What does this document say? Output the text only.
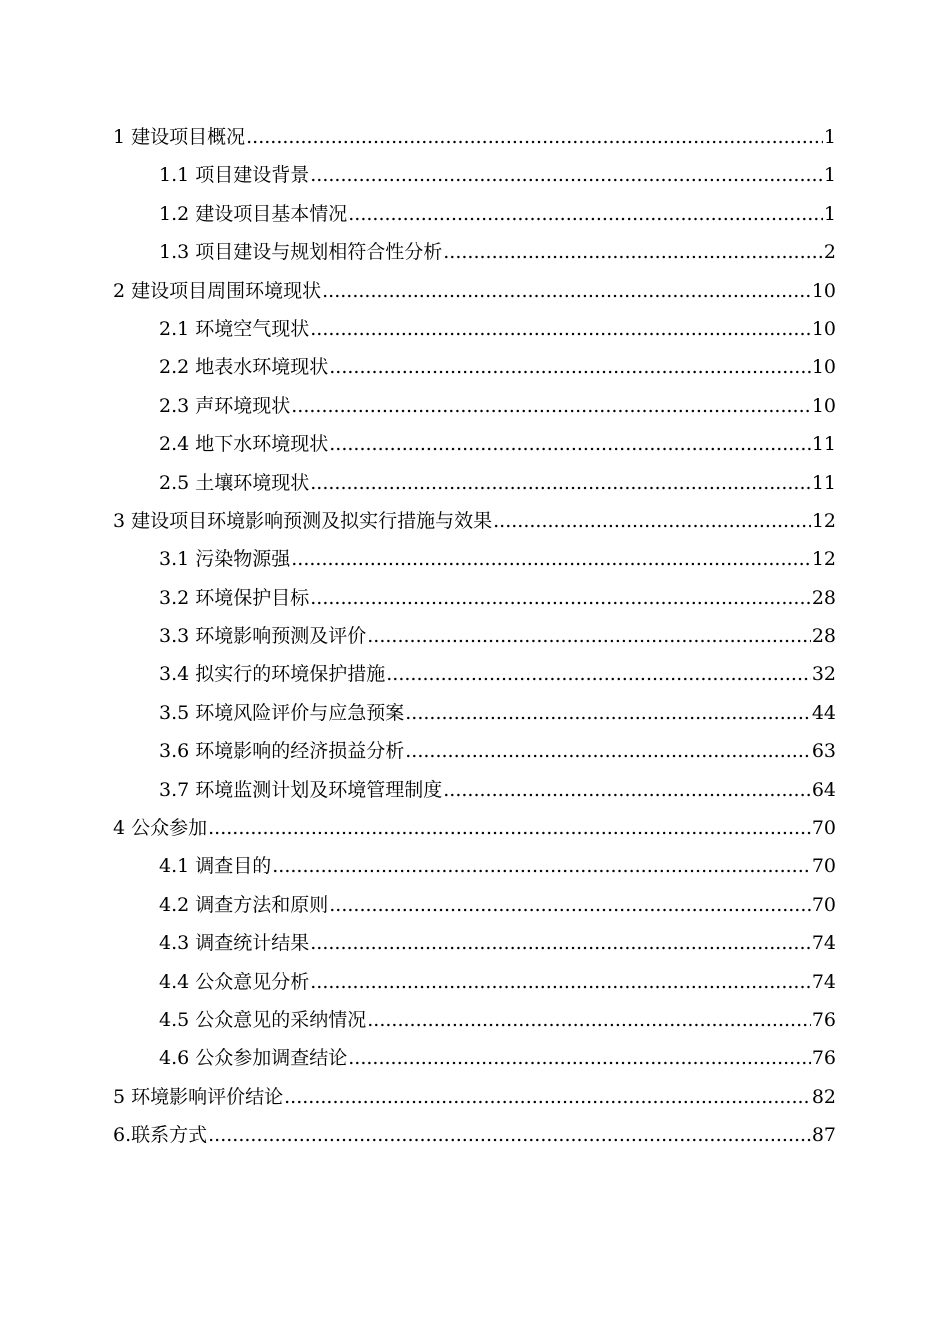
1 建设项目概况 .....	1
1.1 项目建设背景 .....	1
1.2 建设项目基本情况 .....	1
1.3 项目建设与规划相符合性分析 .....	2
2 建设项目周围环境现状 .....	10
2.1 环境空气现状 .....	10
2.2 地表水环境现状 .....	10
2.3 声环境现状 .....	10
2.4 地下水环境现状 .....	11
2.5 土壤环境现状 .....	11
3 建设项目环境影响预测及拟实行措施与效果 .....	12
3.1 污染物源强 .....	12
3.2 环境保护目标 .....	28
3.3 环境影响预测及评价 .....	28
3.4 拟实行的环境保护措施 .....	32
3.5 环境风险评价与应急预案 .....	44
3.6 环境影响的经济损益分析 .....	63
3.7 环境监测计划及环境管理制度 .....	64
4 公众参加 .....	70
4.1 调查目的 .....	70
4.2 调查方法和原则 .....	70
4.3 调查统计结果 .....	74
4.4 公众意见分析 .....	74
4.5 公众意见的采纳情况 .....	76
4.6 公众参加调查结论 .....	76
5 环境影响评价结论 .....	82
6.联系方式 .....	87
